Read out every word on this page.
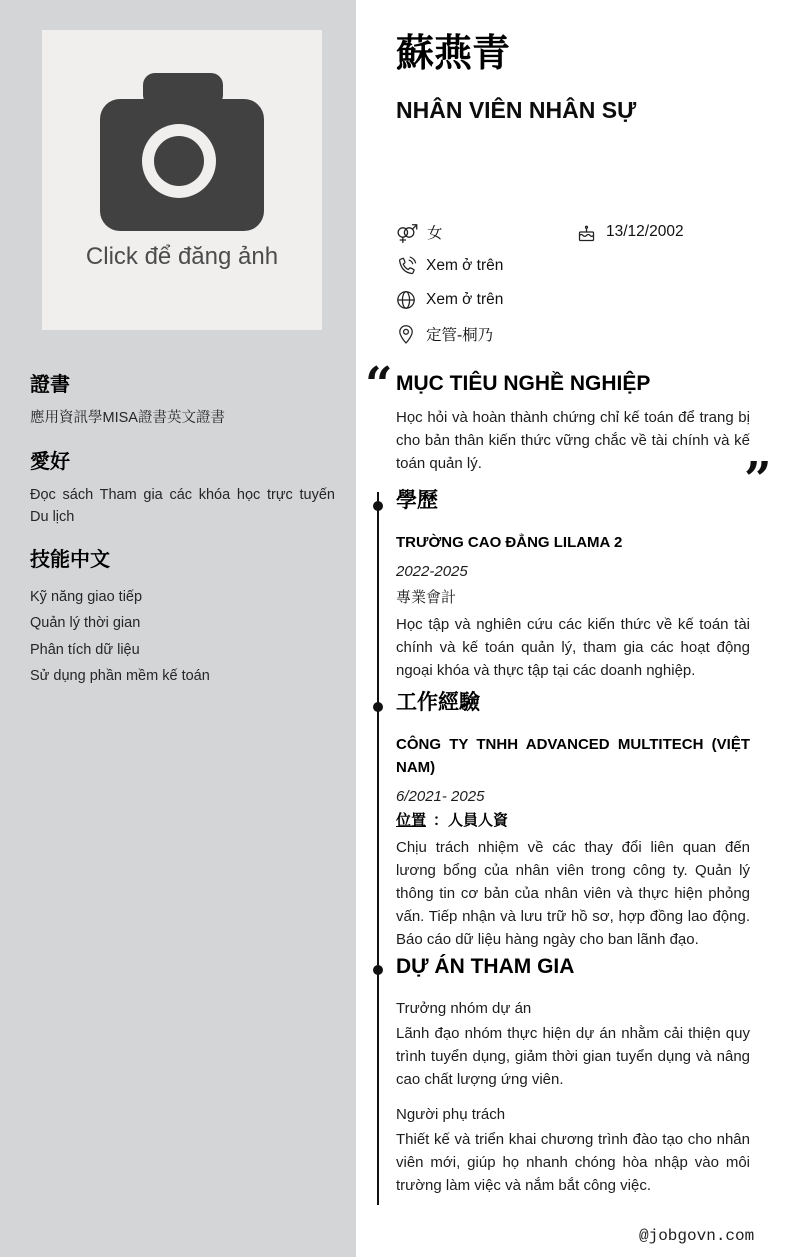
Click để đăng ảnh
證書
應用資訊學MISA證書英文證書
愛好
Đọc sách Tham gia các khóa học trực tuyến Du lịch
技能中文
Kỹ năng giao tiếp
Quản lý thời gian
Phân tích dữ liệu
Sử dụng phần mềm kế toán
蘇燕青
NHÂN VIÊN NHÂN SỰ
女	13/12/2002
Xem ở trên
Xem ở trên
定管-桐乃
“
”
MỤC TIÊU NGHỀ NGHIỆP
Học hỏi và hoàn thành chứng chỉ kế toán để trang bị cho bản thân kiến thức vững chắc về tài chính và kế toán quản lý.
學歷
TRƯỜNG CAO ĐẲNG LILAMA 2
2022-2025
專業會計
Học tập và nghiên cứu các kiến thức về kế toán tài chính và kế toán quản lý, tham gia các hoạt động ngoại khóa và thực tập tại các doanh nghiệp.
工作經驗
CÔNG TY TNHH ADVANCED MULTITECH (VIỆT NAM)
6/2021- 2025
位置 ：人員人資
Chịu trách nhiệm về các thay đổi liên quan đến lương bổng của nhân viên trong công ty. Quản lý thông tin cơ bản của nhân viên và thực hiện phỏng vấn. Tiếp nhận và lưu trữ hồ sơ, hợp đồng lao động. Báo cáo dữ liệu hàng ngày cho ban lãnh đạo.
DỰ ÁN THAM GIA
Trưởng nhóm dự án
Lãnh đạo nhóm thực hiện dự án nhằm cải thiện quy trình tuyển dụng, giảm thời gian tuyển dụng và nâng cao chất lượng ứng viên.
Người phụ trách
Thiết kế và triển khai chương trình đào tạo cho nhân viên mới, giúp họ nhanh chóng hòa nhập vào môi trường làm việc và nắm bắt công việc.
@jobgovn.com
